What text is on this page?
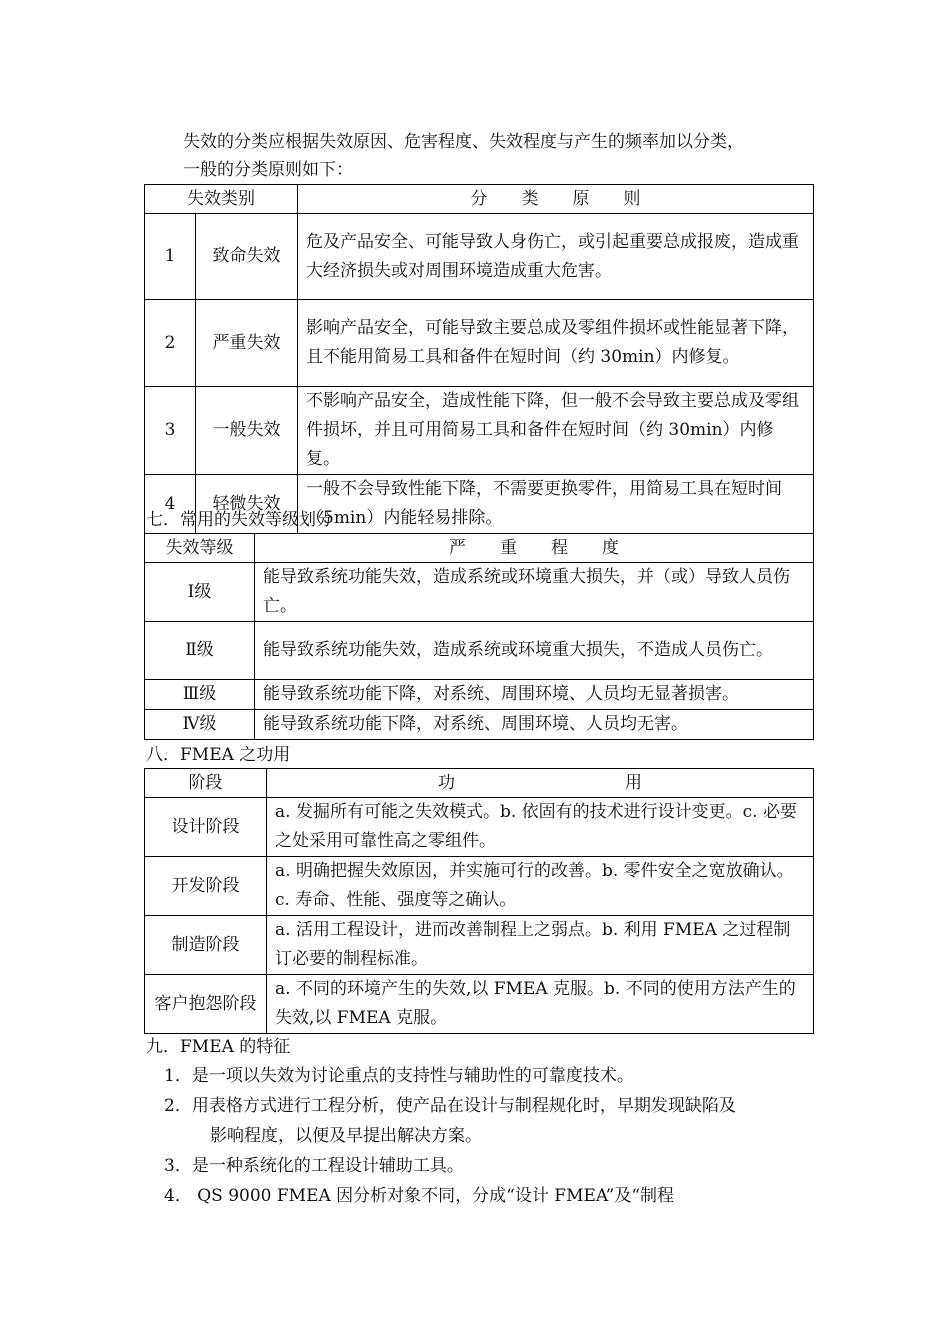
失效的分类应根据失效原因、危害程度、失效程度与产生的频率加以分类，

一般的分类原则如下：

失效类别		分　　类　　原　　则
1	致命失效	危及产品安全、可能导致人身伤亡，或引起重要总成报废，造成重大经济损失或对周围环境造成重大危害。
2	严重失效	影响产品安全，可能导致主要总成及零组件损坏或性能显著下降，且不能用简易工具和备件在短时间（约 30min）内修复。
3	一般失效	不影响产品安全，造成性能下降，但一般不会导致主要总成及零组件损坏，并且可用简易工具和备件在短时间（约 30min）内修复。
4	轻微失效	一般不会导致性能下降，不需要更换零件，用简易工具在短时间（5min）内能轻易排除。

七．常用的失效等级划分

失效等级	严　　重　　程　　度
Ⅰ级	能导致系统功能失效，造成系统或环境重大损失，并（或）导致人员伤亡。
Ⅱ级	能导致系统功能失效，造成系统或环境重大损失，不造成人员伤亡。
Ⅲ级	能导致系统功能下降，对系统、周围环境、人员均无显著损害。
Ⅳ级	能导致系统功能下降，对系统、周围环境、人员均无害。

八．FMEA 之功用

阶段	功　　　　　　　　　　用
设计阶段	a. 发掘所有可能之失效模式。b. 依固有的技术进行设计变更。c. 必要之处采用可靠性高之零组件。
开发阶段	a. 明确把握失效原因，并实施可行的改善。b. 零件安全之宽放确认。c. 寿命、性能、强度等之确认。
制造阶段	a. 活用工程设计，进而改善制程上之弱点。b. 利用 FMEA 之过程制订必要的制程标准。
客户抱怨阶段	a. 不同的环境产生的失效,以 FMEA 克服。b. 不同的使用方法产生的失效,以 FMEA 克服。

九．FMEA 的特征

1．是一项以失效为讨论重点的支持性与辅助性的可靠度技术。
2．用表格方式进行工程分析，使产品在设计与制程规化时，早期发现缺陷及
影响程度，以便及早提出解决方案。
3．是一种系统化的工程设计辅助工具。
4． QS 9000 FMEA 因分析对象不同，分成“设计 FMEA”及“制程
